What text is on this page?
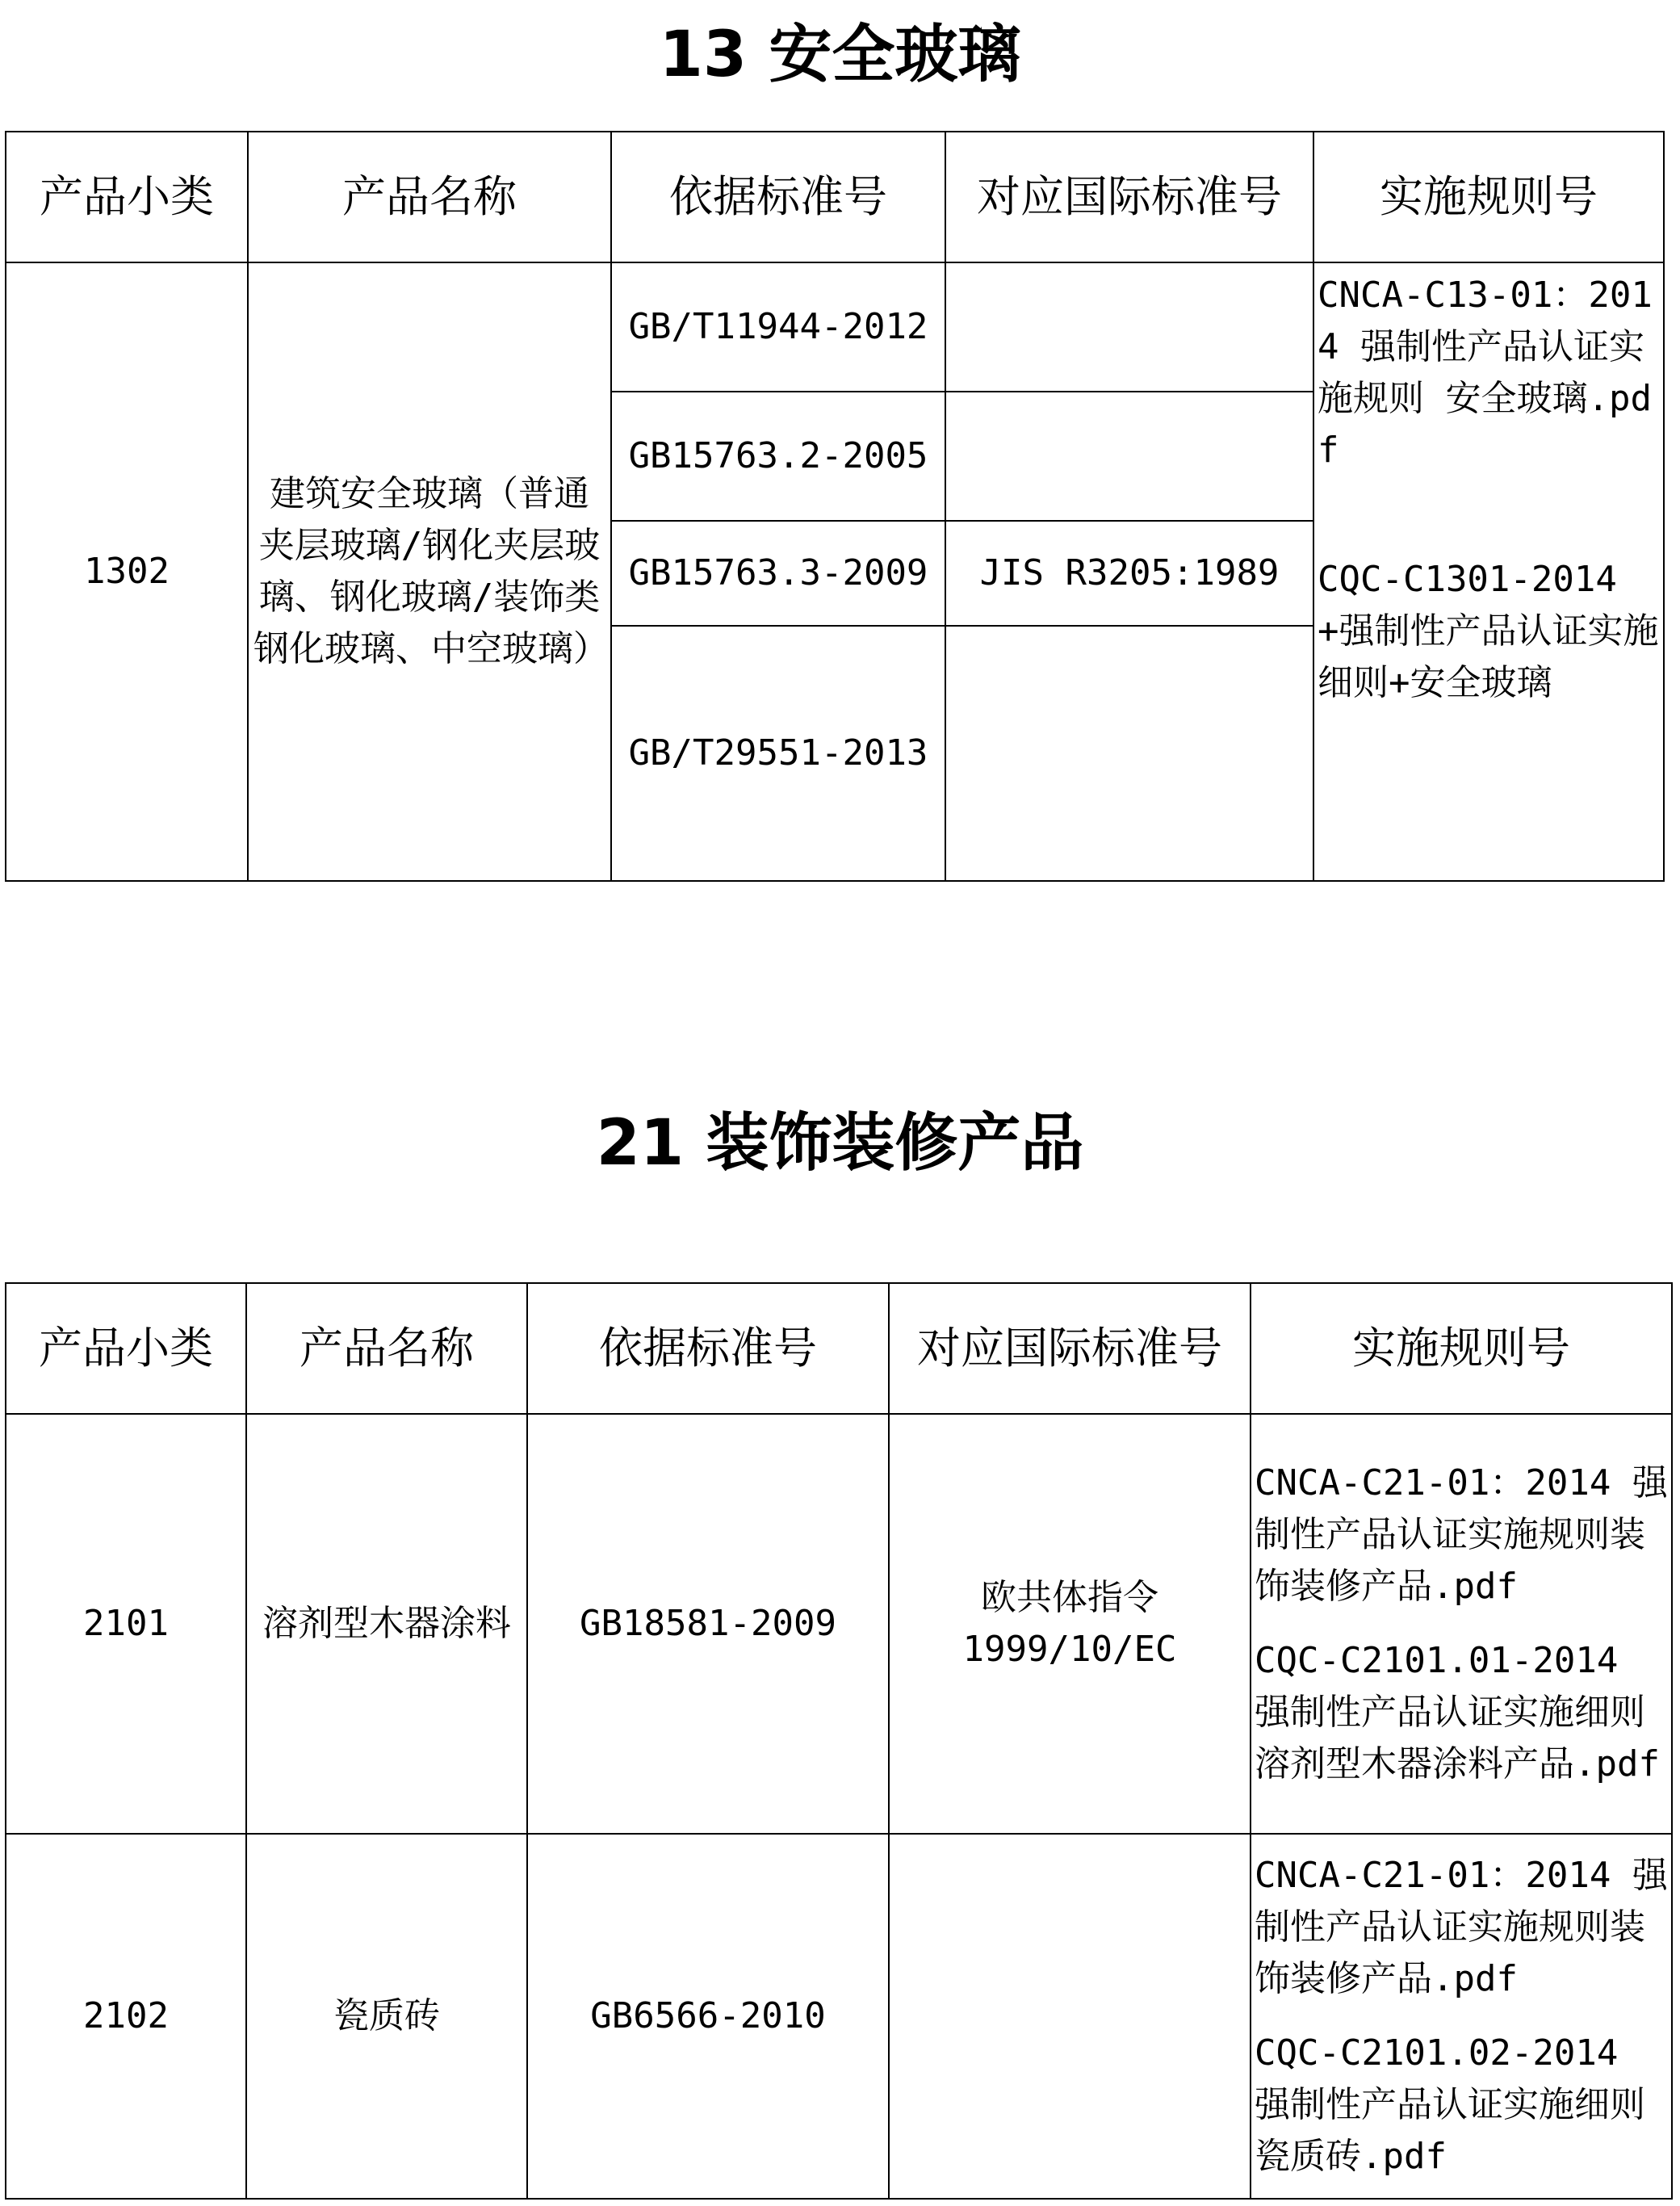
13 安全玻璃
产品小类	产品名称	依据标准号	对应国际标准号	实施规则号
1302	建筑安全玻璃（普通夹层玻璃/钢化夹层玻璃、钢化玻璃/装饰类钢化玻璃、中空玻璃）	GB/T11944-2012		CNCA-C13-01：2014 强制性产品认证实施规则 安全玻璃.pdf
CQC-C1301-2014+强制性产品认证实施细则+安全玻璃

		GB15763.2-2005		
		GB15763.3-2009	JIS R3205:1989	
		GB/T29551-2013		
21 装饰装修产品
产品小类	产品名称	依据标准号	对应国际标准号	实施规则号
2101	溶剂型木器涂料	GB18581-2009	欧共体指令1999/10/EC	CNCA-C21-01：2014 强制性产品认证实施规则装饰装修产品.pdf
CQC-C2101.01-2014 强制性产品认证实施细则溶剂型木器涂料产品.pdf

2102	瓷质砖	GB6566-2010		CNCA-C21-01：2014 强制性产品认证实施规则装饰装修产品.pdf
CQC-C2101.02-2014 强制性产品认证实施细则瓷质砖.pdf
